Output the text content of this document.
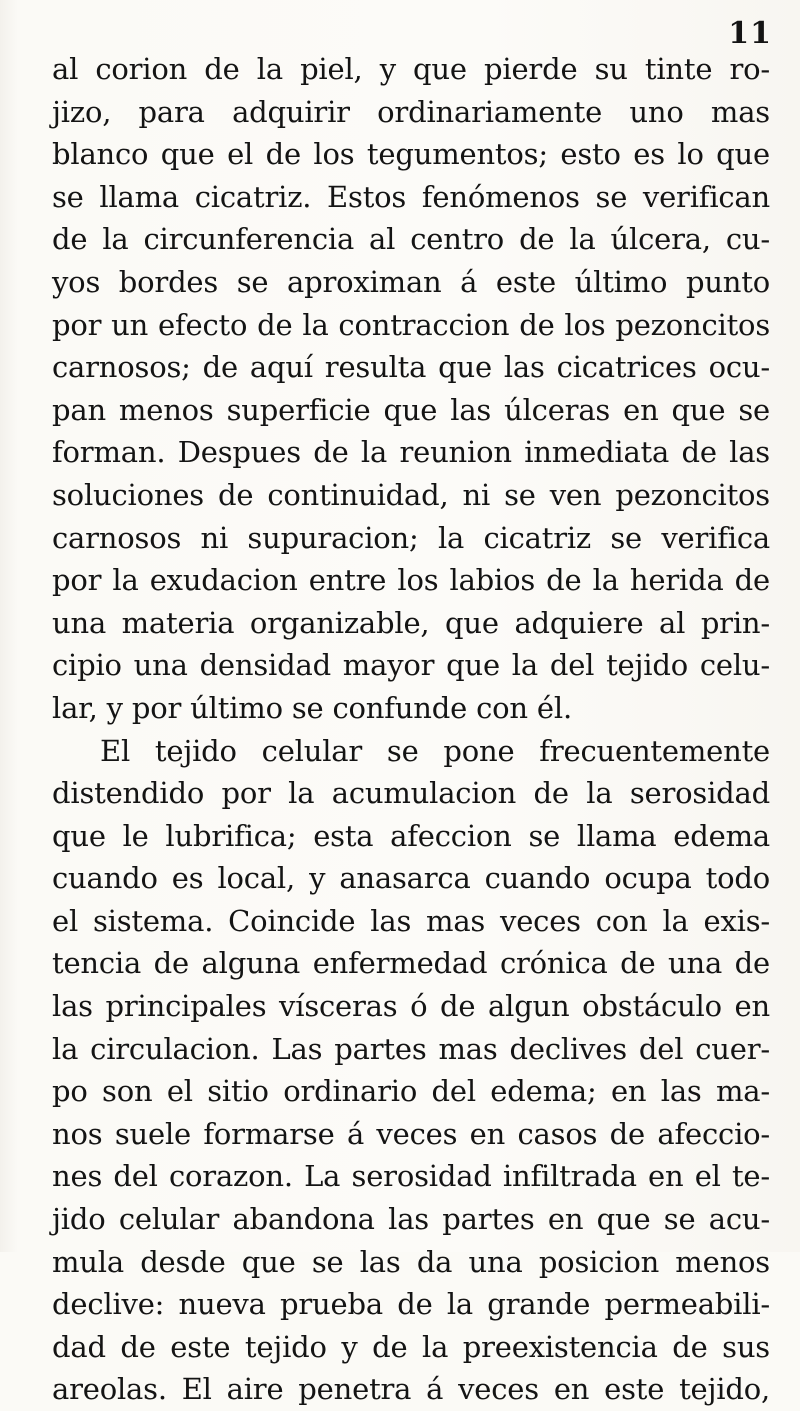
11
al corion de la piel, y que pierde su tinte ro-
jizo, para adquirir ordinariamente uno mas
blanco que el de los tegumentos; esto es lo que
se llama cicatriz. Estos fenómenos se verifican
de la circunferencia al centro de la úlcera, cu-
yos bordes se aproximan á este último punto
por un efecto de la contraccion de los pezoncitos
carnosos; de aquí resulta que las cicatrices ocu-
pan menos superficie que las úlceras en que se
forman. Despues de la reunion inmediata de las
soluciones de continuidad, ni se ven pezoncitos
carnosos ni supuracion; la cicatriz se verifica
por la exudacion entre los labios de la herida de
una materia organizable, que adquiere al prin-
cipio una densidad mayor que la del tejido celu-
lar, y por último se confunde con él.
El tejido celular se pone frecuentemente
distendido por la acumulacion de la serosidad
que le lubrifica; esta afeccion se llama edema
cuando es local, y anasarca cuando ocupa todo
el sistema. Coincide las mas veces con la exis-
tencia de alguna enfermedad crónica de una de
las principales vísceras ó de algun obstáculo en
la circulacion. Las partes mas declives del cuer-
po son el sitio ordinario del edema; en las ma-
nos suele formarse á veces en casos de afeccio-
nes del corazon. La serosidad infiltrada en el te-
jido celular abandona las partes en que se acu-
mula desde que se las da una posicion menos
declive: nueva prueba de la grande permeabili-
dad de este tejido y de la preexistencia de sus
areolas. El aire penetra á veces en este tejido,
